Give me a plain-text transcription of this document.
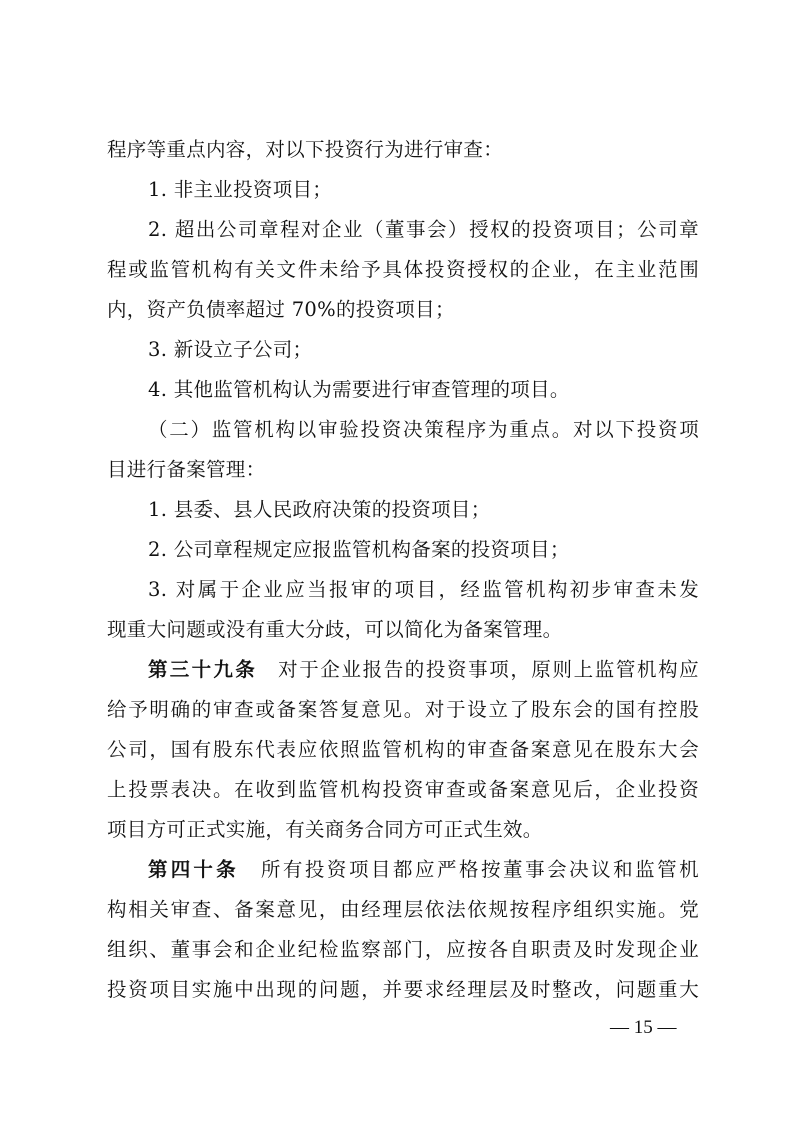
程序等重点内容，对以下投资行为进行审查：
1. 非主业投资项目；
2. 超出公司章程对企业（董事会）授权的投资项目；公司章
程或监管机构有关文件未给予具体投资授权的企业，在主业范围
内，资产负债率超过 70%的投资项目；
3. 新设立子公司；
4. 其他监管机构认为需要进行审查管理的项目。
（二）监管机构以审验投资决策程序为重点。对以下投资项
目进行备案管理：
1. 县委、县人民政府决策的投资项目；
2. 公司章程规定应报监管机构备案的投资项目；
3. 对属于企业应当报审的项目，经监管机构初步审查未发
现重大问题或没有重大分歧，可以简化为备案管理。
第三十九条　对于企业报告的投资事项，原则上监管机构应
给予明确的审查或备案答复意见。对于设立了股东会的国有控股
公司，国有股东代表应依照监管机构的审查备案意见在股东大会
上投票表决。在收到监管机构投资审查或备案意见后，企业投资
项目方可正式实施，有关商务合同方可正式生效。
第四十条　所有投资项目都应严格按董事会决议和监管机
构相关审查、备案意见，由经理层依法依规按程序组织实施。党
组织、董事会和企业纪检监察部门，应按各自职责及时发现企业
投资项目实施中出现的问题，并要求经理层及时整改，问题重大
— 15 —
